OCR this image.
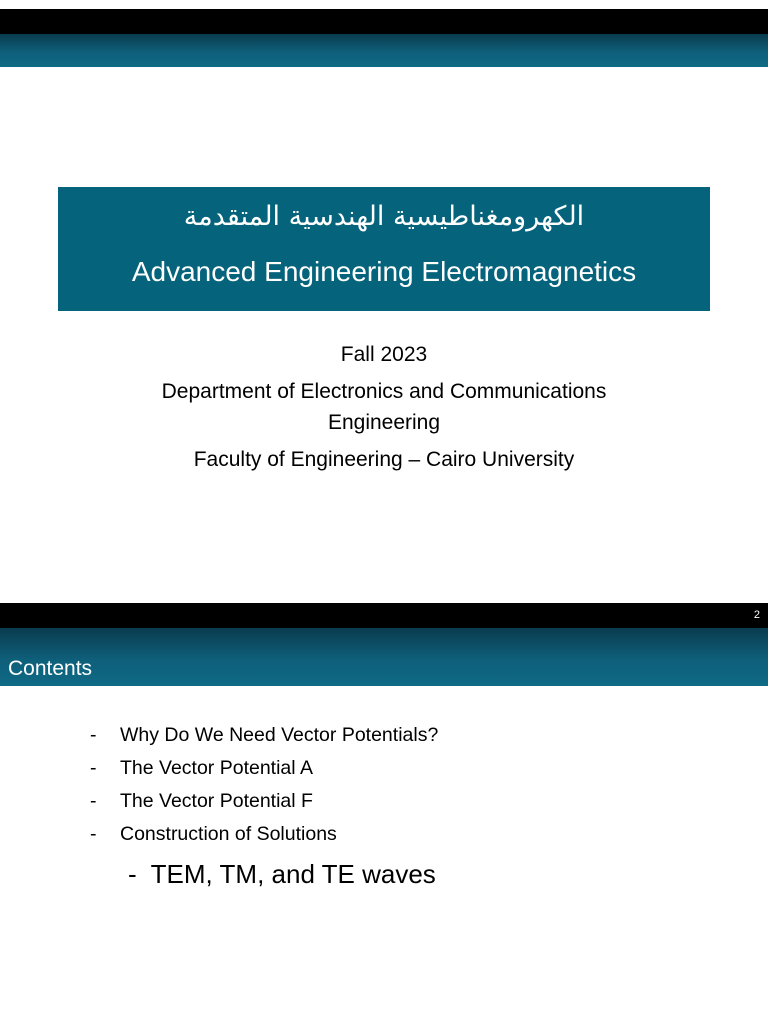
الكهرومغناطيسية الهندسية المتقدمة
Advanced Engineering Electromagnetics
Fall 2023
Department of Electronics and Communications
Engineering
Faculty of Engineering – Cairo University
2
Contents
- Why Do We Need Vector Potentials?
- The Vector Potential A
- The Vector Potential F
- Construction of Solutions
- TEM, TM, and TE waves
